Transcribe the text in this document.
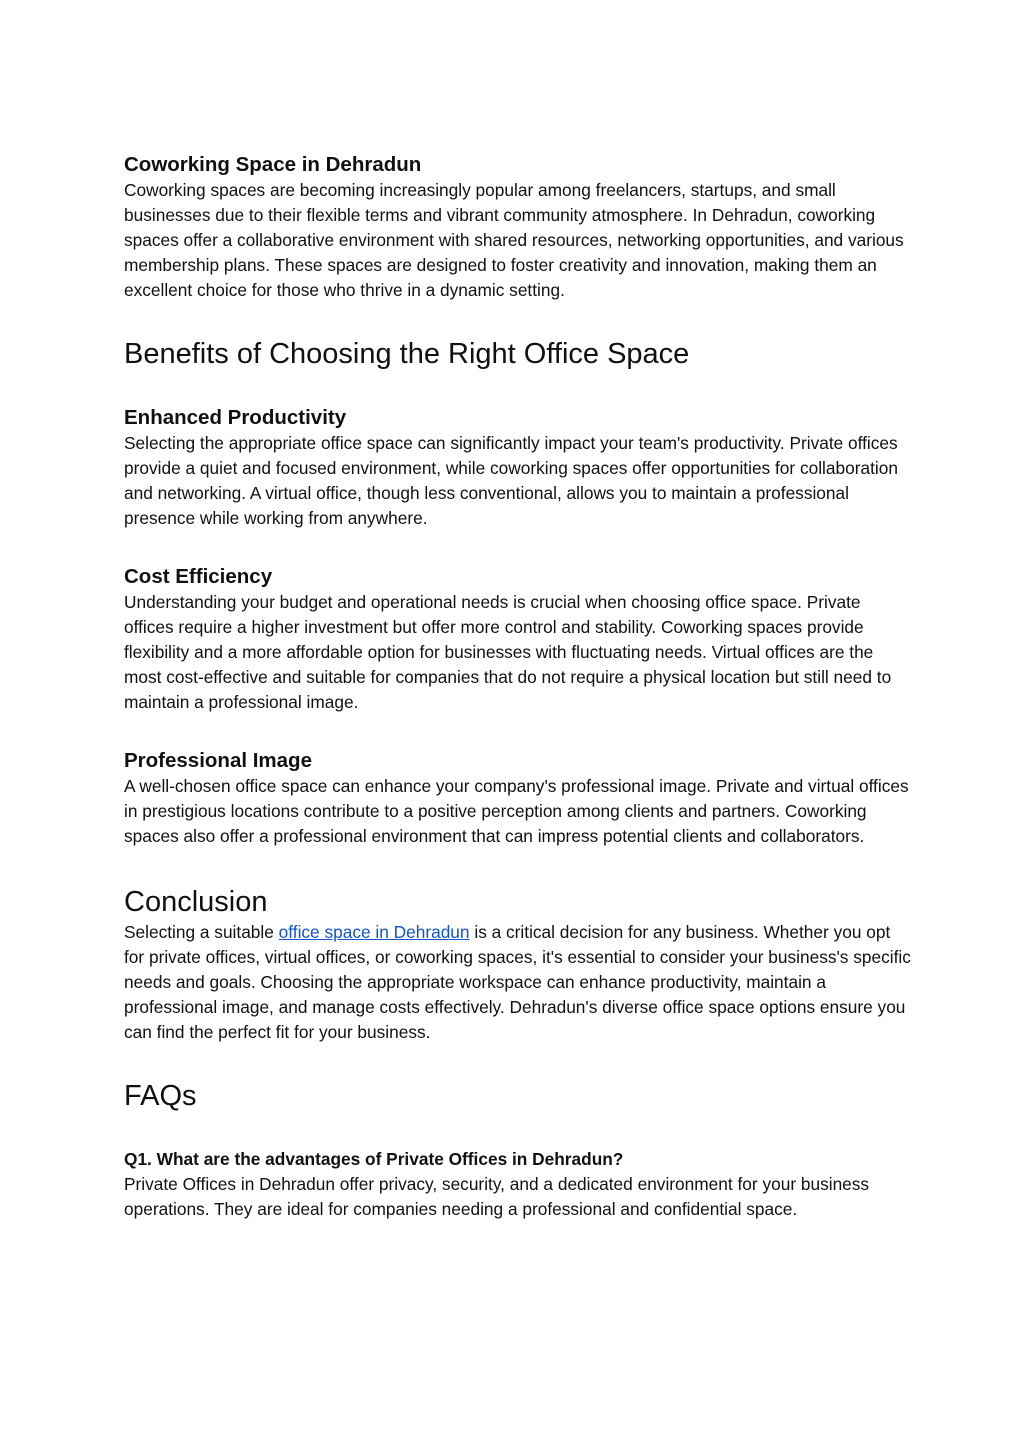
Coworking Space in Dehradun

Coworking spaces are becoming increasingly popular among freelancers, startups, and small businesses due to their flexible terms and vibrant community atmosphere. In Dehradun, coworking spaces offer a collaborative environment with shared resources, networking opportunities, and various membership plans. These spaces are designed to foster creativity and innovation, making them an excellent choice for those who thrive in a dynamic setting.

Benefits of Choosing the Right Office Space
Enhanced Productivity

Selecting the appropriate office space can significantly impact your team's productivity. Private offices provide a quiet and focused environment, while coworking spaces offer opportunities for collaboration and networking. A virtual office, though less conventional, allows you to maintain a professional presence while working from anywhere.

Cost Efficiency

Understanding your budget and operational needs is crucial when choosing office space. Private offices require a higher investment but offer more control and stability. Coworking spaces provide flexibility and a more affordable option for businesses with fluctuating needs. Virtual offices are the most cost-effective and suitable for companies that do not require a physical location but still need to maintain a professional image.

Professional Image

A well-chosen office space can enhance your company's professional image. Private and virtual offices in prestigious locations contribute to a positive perception among clients and partners. Coworking spaces also offer a professional environment that can impress potential clients and collaborators.

Conclusion

Selecting a suitable office space in Dehradun is a critical decision for any business. Whether you opt for private offices, virtual offices, or coworking spaces, it's essential to consider your business's specific needs and goals. Choosing the appropriate workspace can enhance productivity, maintain a professional image, and manage costs effectively. Dehradun's diverse office space options ensure you can find the perfect fit for your business.

FAQs

Q1. What are the advantages of Private Offices in Dehradun?

Private Offices in Dehradun offer privacy, security, and a dedicated environment for your business operations. They are ideal for companies needing a professional and confidential space.
